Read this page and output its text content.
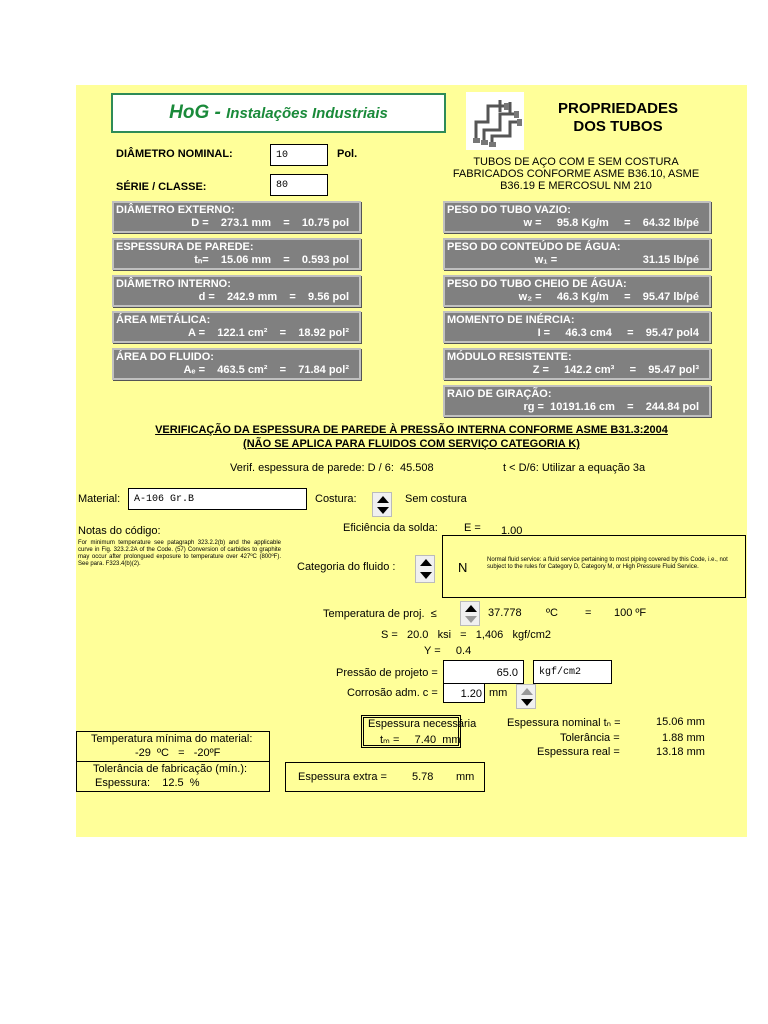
HoG - Instalações Industriais	PROPRIEDADES
DOS TUBOS
TUBOS DE AÇO COM E SEM COSTURA FABRICADOS CONFORME ASME B36.10, ASME B36.19 E MERCOSUL NM 210
DIÂMETRO NOMINAL:	10	Pol.
SÉRIE / CLASSE:	80
DIÂMETRO EXTERNO:
D =    273.1 mm    =    10.75 pol
ESPESSURA DE PAREDE:
tₙ=    15.06 mm    =    0.593 pol
DIÂMETRO INTERNO:
d =    242.9 mm    =    9.56 pol
ÁREA METÁLICA:
A =    122.1 cm²    =    18.92 pol²
ÁREA DO FLUIDO:
Aₑ =    463.5 cm²    =    71.84 pol²
PESO DO TUBO VAZIO:
w =     95.8 Kg/m     =    64.32 lb/pé
PESO DO CONTEÚDO DE ÁGUA:
w₁ =                            31.15 lb/pé
PESO DO TUBO CHEIO DE ÁGUA:
w₂ =     46.3 Kg/m     =    95.47 lb/pé
MOMENTO DE INÉRCIA:
I =     46.3 cm4     =    95.47 pol4
MÓDULO RESISTENTE:
Z =     142.2 cm³     =    95.47 pol³
RAIO DE GIRAÇÃO:
rg =  10191.16 cm    =    244.84 pol
VERIFICAÇÃO DA ESPESSURA DE PAREDE À PRESSÃO INTERNA CONFORME ASME B31.3:2004
(NÃO SE APLICA PARA FLUIDOS COM SERVIÇO CATEGORIA K)
Verif. espessura de parede: D / 6:  45.508	t < D/6: Utilizar a equação 3a
Material:	A-106 Gr.B	Costura:	Sem costura
Notas do código:
For minimum temperature see patagraph 323.2.2(b) and the applicable curve in Fig. 323.2.2A of the Code. (57) Conversion of carbides to graphite may occur after prolongued exposure to temperature over 427ºC (800ºF). See para. F323.4(b)(2).
Eficiência da solda: E = 1.00
Categoria do fluido :	N	Normal fluid service: a fluid service pertaining to most piping covered by this Code, i.e., not subject to the rules for Category D, Category M, or High Pressure Fluid Service.
Temperatura de proj.  ≤	37.778 ºC = 100 ºF
S =   20.0   ksi   =   1,406   kgf/cm2
Y =     0.4
Pressão de projeto =	65.0	kgf/cm2
Corrosão adm. c =	1.20 mm
Espessura necessária
tₘ =     7.40  mm
Espessura nominal tₙ =	15.06 mm
Tolerância =	1.88 mm
Espessura real =	13.18 mm
Temperatura mínima do material:
-29  ºC   =   -20ºF
Tolerância de fabricação (mín.):
Espessura:    12.5  %	Espessura extra = 5.78 mm
